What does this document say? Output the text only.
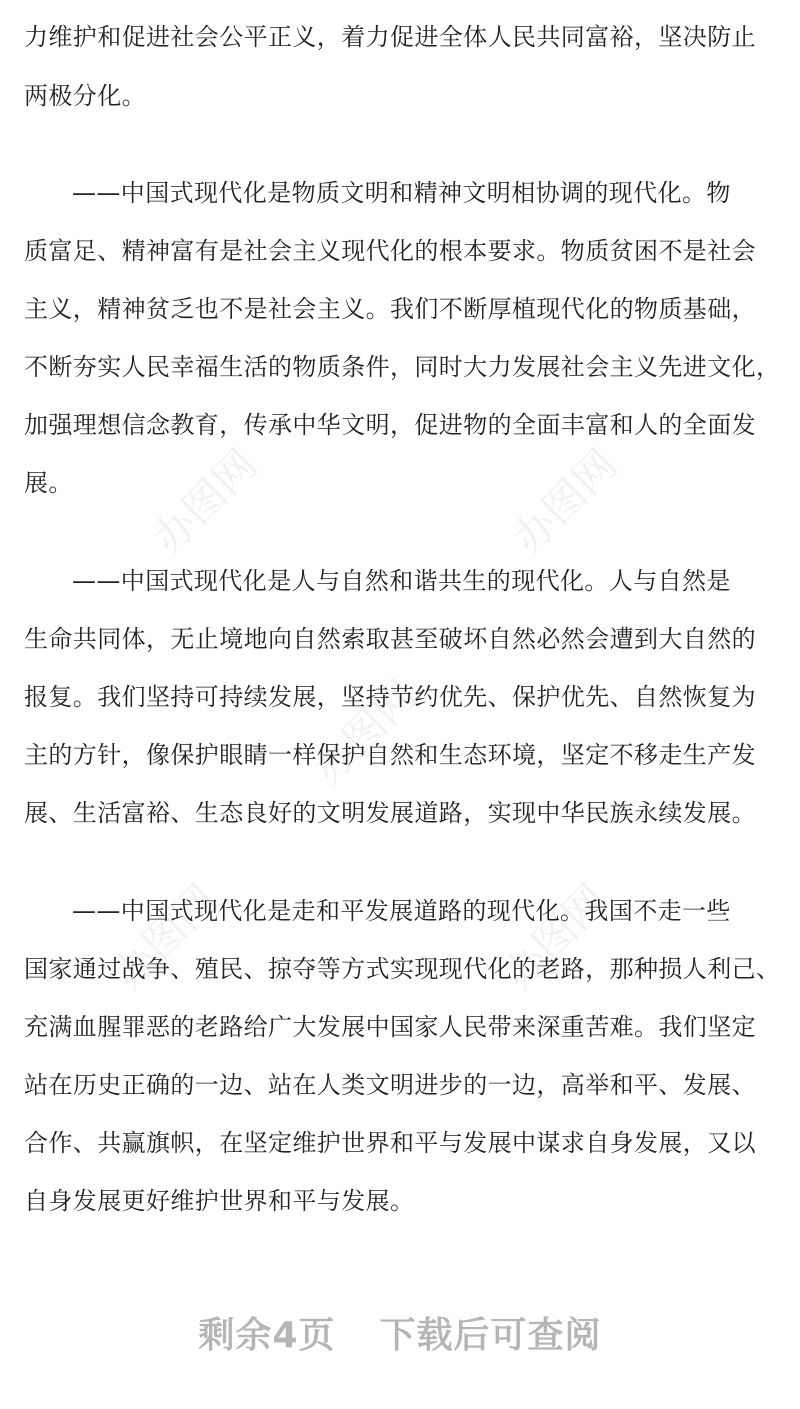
办图网	办图网
办图网
办图网	办图网
力维护和促进社会公平正义，着力促进全体人民共同富裕，坚决防止
两极分化。
——中国式现代化是物质文明和精神文明相协调的现代化。物
质富足、精神富有是社会主义现代化的根本要求。物质贫困不是社会
主义，精神贫乏也不是社会主义。我们不断厚植现代化的物质基础，
不断夯实人民幸福生活的物质条件，同时大力发展社会主义先进文化，
加强理想信念教育，传承中华文明，促进物的全面丰富和人的全面发
展。
——中国式现代化是人与自然和谐共生的现代化。人与自然是
生命共同体，无止境地向自然索取甚至破坏自然必然会遭到大自然的
报复。我们坚持可持续发展，坚持节约优先、保护优先、自然恢复为
主的方针，像保护眼睛一样保护自然和生态环境，坚定不移走生产发
展、生活富裕、生态良好的文明发展道路，实现中华民族永续发展。
——中国式现代化是走和平发展道路的现代化。我国不走一些
国家通过战争、殖民、掠夺等方式实现现代化的老路，那种损人利己、
充满血腥罪恶的老路给广大发展中国家人民带来深重苦难。我们坚定
站在历史正确的一边、站在人类文明进步的一边，高举和平、发展、
合作、共赢旗帜，在坚定维护世界和平与发展中谋求自身发展，又以
自身发展更好维护世界和平与发展。
剩余4页 下载后可查阅
